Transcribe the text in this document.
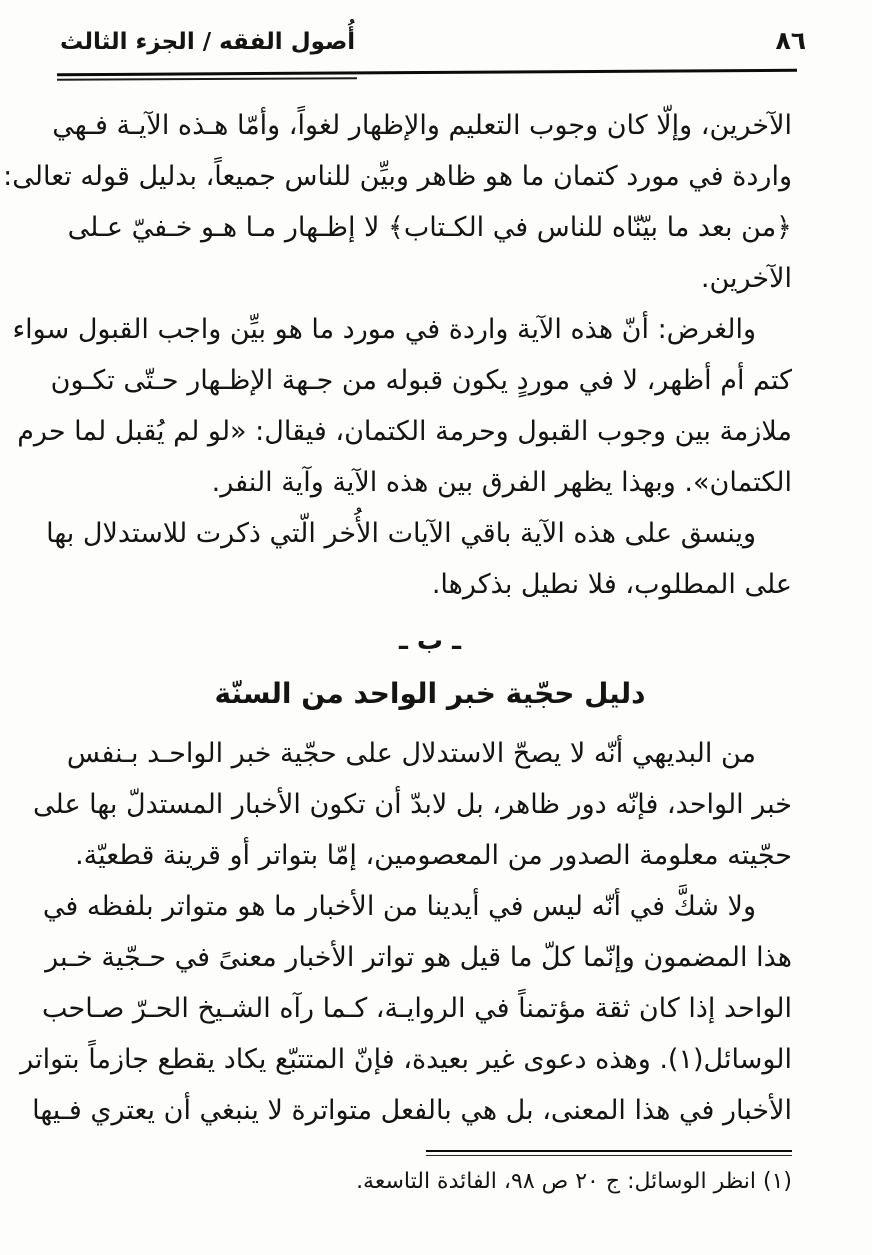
٨٦
أُصول الفقه / الجزء الثالث
الآخرين، وإلّا كان وجوب التعليم والإظهار لغواً، وأمّا هـذه الآيـة فـهي
واردة في مورد كتمان ما هو ظاهر وبيِّن للناس جميعاً، بدليل قوله تعالى:
﴿من بعد ما بيّنّاه للناس في الكـتاب﴾ لا إظـهار مـا هـو خـفيّ عـلى
الآخرين.
والغرض: أنّ هذه الآية واردة في مورد ما هو بيِّن واجب القبول سواء
كتم أم أظهر، لا في موردٍ يكون قبوله من جـهة الإظـهار حـتّى تكـون
ملازمة بين وجوب القبول وحرمة الكتمان، فيقال: «لو لم يُقبل لما حرم
الكتمان». وبهذا يظهر الفرق بين هذه الآية وآية النفر.
وينسق على هذه الآية باقي الآيات الأُخر الّتي ذكرت للاستدلال بها
على المطلوب، فلا نطيل بذكرها.
ـ ب ـ
دليل حجّية خبر الواحد من السنّة
من البديهي أنّه لا يصحّ الاستدلال على حجّية خبر الواحـد بـنفس
خبر الواحد، فإنّه دور ظاهر، بل لابدّ أن تكون الأخبار المستدلّ بها على
حجّيته معلومة الصدور من المعصومين، إمّا بتواتر أو قرينة قطعيّة.
ولا شكَّ في أنّه ليس في أيدينا من الأخبار ما هو متواتر بلفظه في
هذا المضمون وإنّما كلّ ما قيل هو تواتر الأخبار معنىً في حـجّية خـبر
الواحد إذا كان ثقة مؤتمناً في الروايـة، كـما رآه الشـيخ الحـرّ صـاحب
الوسائل(١). وهذه دعوى غير بعيدة، فإنّ المتتبّع يكاد يقطع جازماً بتواتر
الأخبار في هذا المعنى، بل هي بالفعل متواترة لا ينبغي أن يعتري فـيها
(١) انظر الوسائل: ج ٢٠ ص ٩٨، الفائدة التاسعة.
